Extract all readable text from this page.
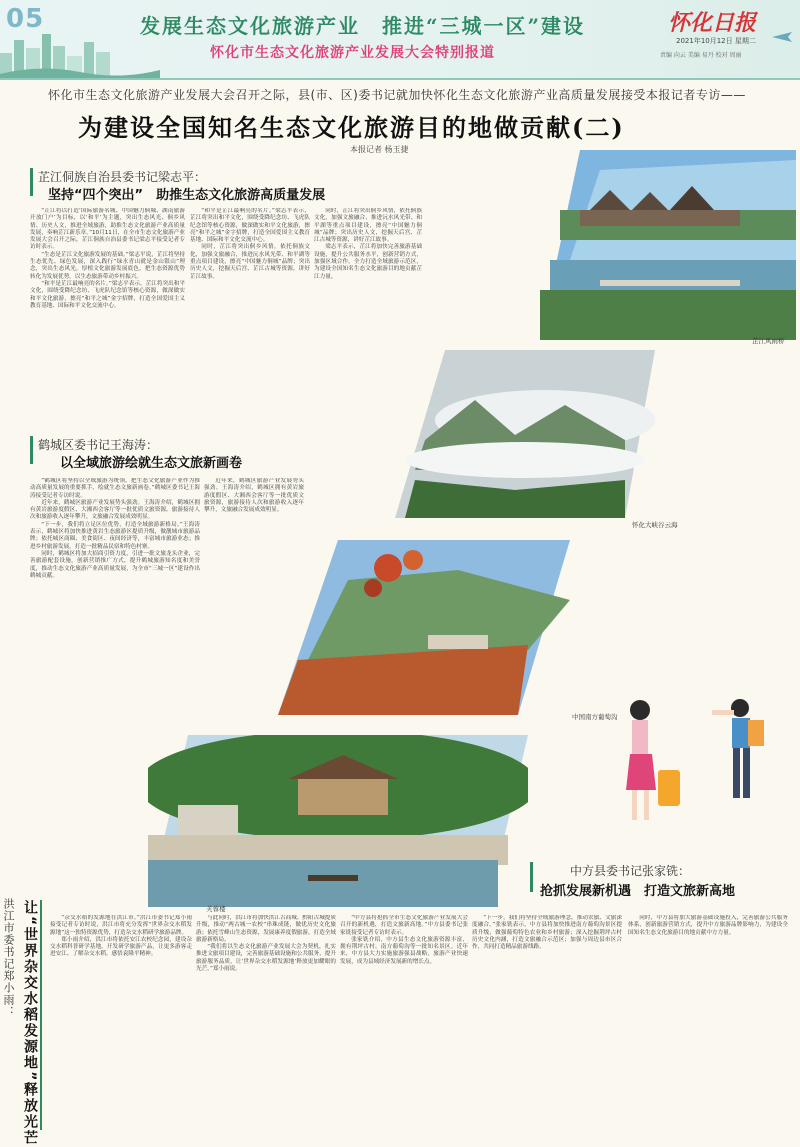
05	发展生态文化旅游产业　推进“三城一区”建设
怀化市生态文化旅游产业发展大会特别报道
怀化日报
2021年10月12日 星期二
责编 向云 美编 易丹 校对 周丽
怀化市生态文化旅游产业发展大会召开之际，县(市、区)委书记就加快怀化生态文化旅游产业高质量发展接受本报记者专访——
为建设全国知名生态文化旅游目的地做贡献(二)
本报记者 杨玉捷
芷江侗族自治县委书记梁志平：
坚持“四个突出”　助推生态文化旅游高质量发展

“芷江将以打造‘国际旅游名城、中国魅力侗城、湖南旅游开放门户’为目标，以‘和平’为主题，突出生态风光、侗乡风情、历史人文，推进全域旅游，助推生态文化旅游产业高质量发展，奏响芷江新乐章。”10月11日，在全市生态文化旅游产业发展大会召开之际，芷江侗族自治县委书记梁志平接受记者专访时表示。

“生态是芷江文化旅游发展的基础。”梁志平说，芷江将坚持生态优先、绿色发展，深入践行“绿水青山就是金山银山”理念，突出生态风光，厚植文化旅游发展底色，把生态资源优势转化为发展优势，以生态旅游带动乡村振兴。

“和平是芷江最响亮的名片。”梁志平表示，芷江将突出和平文化，围绕受降纪念坊、飞虎队纪念馆等核心资源，做深做实和平文化旅游，擦亮“和平之城”金字招牌，打造全国爱国主义教育基地、国际和平文化交流中心。

“和平是芷江最响亮的名片。”梁志平表示，芷江将突出和平文化，围绕受降纪念坊、飞虎队纪念馆等核心资源，做深做实和平文化旅游，擦亮“和平之城”金字招牌，打造全国爱国主义教育基地、国际和平文化交流中心。

同时，芷江将突出侗乡风情，依托侗族文化，加强文旅融合，推进沅水风光带、和平湖等重点项目建设，擦亮“中国魅力侗城”品牌；突出历史人文，挖掘天后宫、芷江古城等资源，讲好芷江故事。

同时，芷江将突出侗乡风情，依托侗族文化，加强文旅融合，推进沅水风光带、和平湖等重点项目建设，擦亮“中国魅力侗城”品牌；突出历史人文，挖掘天后宫、芷江古城等资源，讲好芷江故事。

梁志平表示，芷江将加快完善旅游基础设施，提升公共服务水平，创新营销方式，加强区域合作，全力打造全域旅游示范区，为建设全国知名生态文化旅游目的地贡献芷江力量。

芷江风雨桥
怀化大峡谷云海
鹤城区委书记王海涛：
以全域旅游绘就生态文旅新画卷

“鹤城区将坚持以全域旅游为统领，把生态文化旅游产业作为推动高质量发展的重要抓手，绘就生态文旅新画卷。”鹤城区委书记王海涛接受记者专访时说。

近年来，鹤城区旅游产业发展势头强劲。王海涛介绍，鹤城区拥有黄岩旅游度假区、大湘西会客厅等一批优质文旅资源，旅游接待人次和旅游收入逐年攀升，文旅融合发展成效明显。

“下一步，我们将立足区位优势，打造全域旅游新格局。”王海涛表示，鹤城区将加快推进黄岩生态旅游区提质升级，做靓城市旅游品牌；依托城区商圈、美食街区、夜间经济等，丰富城市旅游业态；推进乡村旅游发展，打造一批精品民宿和特色村寨。

同时，鹤城区将加大招商引资力度，引进一批文旅龙头企业，完善旅游配套设施，创新营销推广方式，提升鹤城旅游知名度和美誉度，推动生态文化旅游产业高质量发展，为全市“三城一区”建设作出鹤城贡献。

近年来，鹤城区旅游产业发展势头强劲。王海涛介绍，鹤城区拥有黄岩旅游度假区、大湘西会客厅等一批优质文旅资源，旅游接待人次和旅游收入逐年攀升，文旅融合发展成效明显。

中国南方葡萄沟
芙蓉楼
中方县委书记张家铣：
抢抓发展新机遇　打造文旅新高地

“中方县将抢抓全市生态文化旅游产业发展大会召开的新机遇，打造文旅新高地。”中方县委书记张家铣接受记者专访时表示。

张家铣介绍，中方县生态文化旅游资源丰富，拥有荆坪古村、南方葡萄沟等一批知名景区。近年来，中方县大力实施旅游强县战略，旅游产业快速发展，成为县域经济发展新的增长点。

“下一步，我们将坚持全域旅游理念，推动农旅、文旅深度融合。”张家铣表示，中方县将加快推进南方葡萄沟景区提质升级，做强葡萄特色农业和乡村旅游；深入挖掘荆坪古村历史文化内涵，打造文旅融合示范区；加强与周边县市区合作，共同打造精品旅游线路。

同时，中方县将加大旅游基础设施投入，完善旅游公共服务体系，创新旅游营销方式，提升中方旅游品牌影响力，为建设全国知名生态文化旅游目的地贡献中方力量。

洪江市委书记郑小雨： 让“世界杂交水稻发源地”释放光芒	“杂交水稻的发源地在洪江市。”洪江市委书记郑小雨接受记者专访时说，洪江市将充分发挥“世界杂交水稻发源地”这一独特资源优势，打造杂交水稻研学旅游品牌。

郑小雨介绍，洪江市将依托安江农校纪念园，建设杂交水稻科普研学基地，开发研学旅游产品，让更多游客走进安江、了解杂交水稻，感悟袁隆平精神。

与此同时，洪江市将加快洪江古商城、黔阳古城提质升级，推动“两古城一农校”串珠成链，做优历史文化旅游；依托雪峰山生态资源，发展康养度假旅游，打造全域旅游新格局。

“我们将以生态文化旅游产业发展大会为契机，扎实推进文旅项目建设，完善旅游基础设施和公共服务，提升旅游服务品质，让‘世界杂交水稻发源地’释放更加耀眼的光芒。”郑小雨说。
